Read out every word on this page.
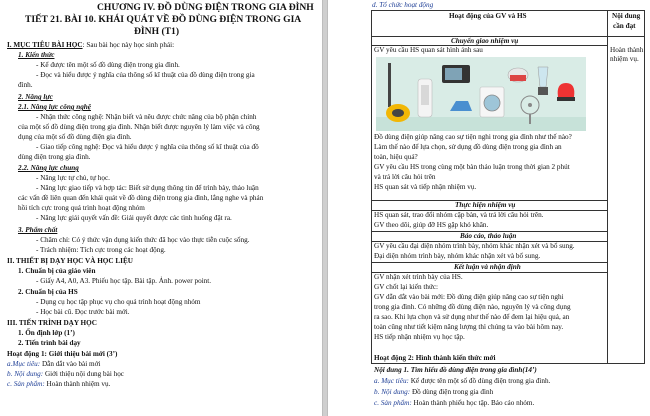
CHƯƠNG IV. ĐỒ DÙNG ĐIỆN TRONG GIA ĐÌNH
TIẾT 21. BÀI 10. KHÁI QUÁT VỀ ĐỒ DÙNG ĐIỆN TRONG GIA
ĐÌNH (T1)
I. MỤC TIÊU BÀI HỌC: Sau bài học này học sinh phải:
1. Kiến thức
- Kể được tên một số đồ dùng điện trong gia đình.
- Đọc và hiểu được ý nghĩa của thông số kĩ thuật của đồ dùng điện trong gia
đình.
2. Năng lực
2.1. Năng lực công nghệ
- Nhận thức công nghệ: Nhận biết và nêu được chức năng của bộ phận chính
của một số đồ dùng điện trong gia đình. Nhận biết được nguyên lý làm việc và công
dụng của một số đồ dùng điện gia đình.
- Giao tiếp công nghệ: Đọc và hiểu được ý nghĩa của thông số kĩ thuật của đồ
dùng điện trong gia đình.
2.2. Năng lực chung
- Năng lực tự chủ, tự học.
- Năng lực giao tiếp và hợp tác: Biết sử dụng thông tin để trình bày, thảo luận
các vấn đề liên quan đến khái quát về đồ dùng điện trong gia đình, lắng nghe và phản
hồi tích cực trong quá trình hoạt động nhóm
- Năng lực giải quyết vấn đề: Giải quyết được các tình huống đặt ra.
3. Phẩm chất
- Chăm chỉ: Có ý thức vận dụng kiến thức đã học vào thực tiễn cuộc sống.
- Trách nhiệm: Tích cực trong các hoạt động.
II. THIẾT BỊ DẠY HỌC VÀ HỌC LIỆU
1. Chuẩn bị của giáo viên
- Giấy A4, A0, A3. Phiếu học tập. Bài tập. Ảnh. power point.
2. Chuẩn bị của HS
- Dụng cụ học tập phục vụ cho quá trình hoạt động nhóm
- Học bài cũ. Đọc trước bài mới.
III. TIẾN TRÌNH DẠY HỌC
1. Ổn định lớp (1’)
2. Tiến trình bài dạy
Hoạt động 1: Giới thiệu bài mới (3’)
a.Mục tiêu: Dẫn dắt vào bài mới
b. Nội dung: Giới thiệu nội dung bài học
c. Sản phẩm: Hoàn thành nhiệm vụ.
d. Tổ chức hoạt động
Hoạt động của GV và HS	Nội dung
cần đạt
Chuyển giao nhiệm vụ
GV yêu cầu HS quan sát hình ảnh sau	Hoàn thành
nhiệm vụ.
Đồ dùng điện giúp nâng cao sự tiện nghi trong gia đình như thế nào?
Làm thế nào để lựa chọn, sử dụng đồ dùng điện trong gia đình an
toàn, hiệu quả?
GV yêu cầu HS trong cùng một bàn thảo luận trong thời gian 2 phút
và trả lời câu hỏi trên
HS quan sát và tiếp nhận nhiệm vụ.
Thực hiện nhiệm vụ
HS quan sát, trao đổi nhóm cặp bàn, và trả lời câu hỏi trên.
GV theo dõi, giúp đỡ HS gặp khó khăn.
Báo cáo, thảo luận
GV yêu cầu đại diện nhóm trình bày, nhóm khác nhận xét và bổ sung.
Đại diện nhóm trình bày, nhóm khác nhận xét và bổ sung.
Kết luận và nhận định
GV nhận xét trình bày của HS.
GV chốt lại kiến thức:
GV dẫn dắt vào bài mới: Đồ dùng điện giúp nâng cao sự tiện nghi
trong gia đình. Có những đồ dùng điện nào, nguyên lý và công dụng
ra sao. Khi lựa chọn và sử dụng như thế nào để đem lại hiệu quả, an
toàn cũng như tiết kiệm năng lượng thì chúng ta vào bài hôm nay.
HS tiếp nhận nhiệm vụ học tập.
Hoạt động 2: Hình thành kiến thức mới
Nội dung 1. Tìm hiểu đồ dùng điện trong gia đình(14’)
a. Mục tiêu: Kể được tên một số đồ dùng điện trong gia đình.
b. Nội dung: Đồ dùng điện trong gia đình
c. Sản phẩm: Hoàn thành phiếu học tập. Báo cáo nhóm.
